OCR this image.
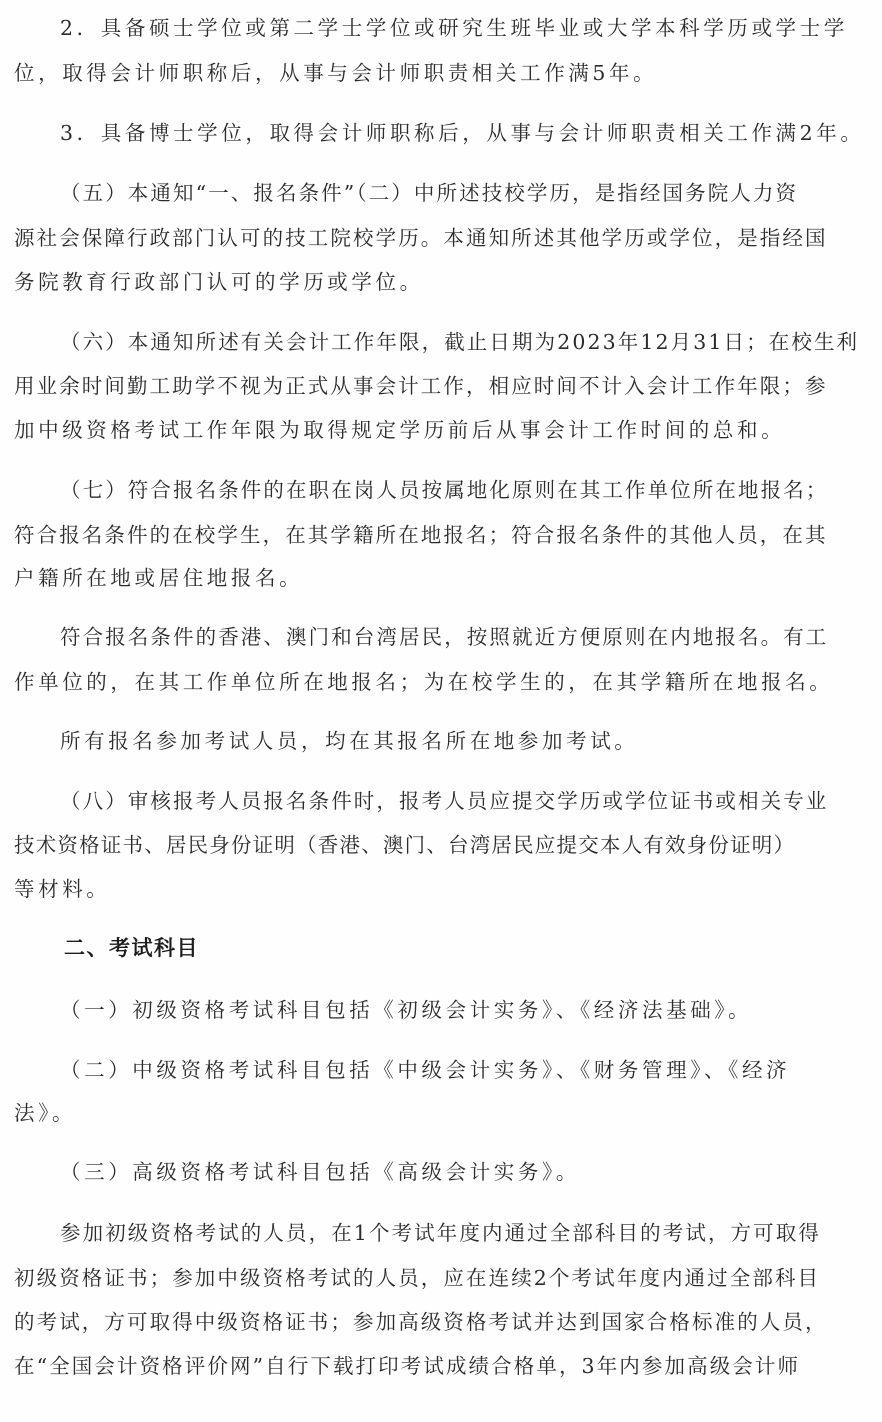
2．具备硕士学位或第二学士学位或研究生班毕业或大学本科学历或学士学
位，取得会计师职称后，从事与会计师职责相关工作满5年。
3．具备博士学位，取得会计师职称后，从事与会计师职责相关工作满2年。
（五）本通知“一、报名条件”（二）中所述技校学历，是指经国务院人力资
源社会保障行政部门认可的技工院校学历。本通知所述其他学历或学位，是指经国
务院教育行政部门认可的学历或学位。
（六）本通知所述有关会计工作年限，截止日期为2023年12月31日；在校生利
用业余时间勤工助学不视为正式从事会计工作，相应时间不计入会计工作年限；参
加中级资格考试工作年限为取得规定学历前后从事会计工作时间的总和。
（七）符合报名条件的在职在岗人员按属地化原则在其工作单位所在地报名；
符合报名条件的在校学生，在其学籍所在地报名；符合报名条件的其他人员，在其
户籍所在地或居住地报名。
符合报名条件的香港、澳门和台湾居民，按照就近方便原则在内地报名。有工
作单位的，在其工作单位所在地报名；为在校学生的，在其学籍所在地报名。
所有报名参加考试人员，均在其报名所在地参加考试。
（八）审核报考人员报名条件时，报考人员应提交学历或学位证书或相关专业
技术资格证书、居民身份证明（香港、澳门、台湾居民应提交本人有效身份证明）
等材料。
二、考试科目
（一）初级资格考试科目包括《初级会计实务》、《经济法基础》。
（二）中级资格考试科目包括《中级会计实务》、《财务管理》、《经济
法》。
（三）高级资格考试科目包括《高级会计实务》。
参加初级资格考试的人员，在1个考试年度内通过全部科目的考试，方可取得
初级资格证书；参加中级资格考试的人员，应在连续2个考试年度内通过全部科目
的考试，方可取得中级资格证书；参加高级资格考试并达到国家合格标准的人员，
在“全国会计资格评价网”自行下载打印考试成绩合格单，3年内参加高级会计师
